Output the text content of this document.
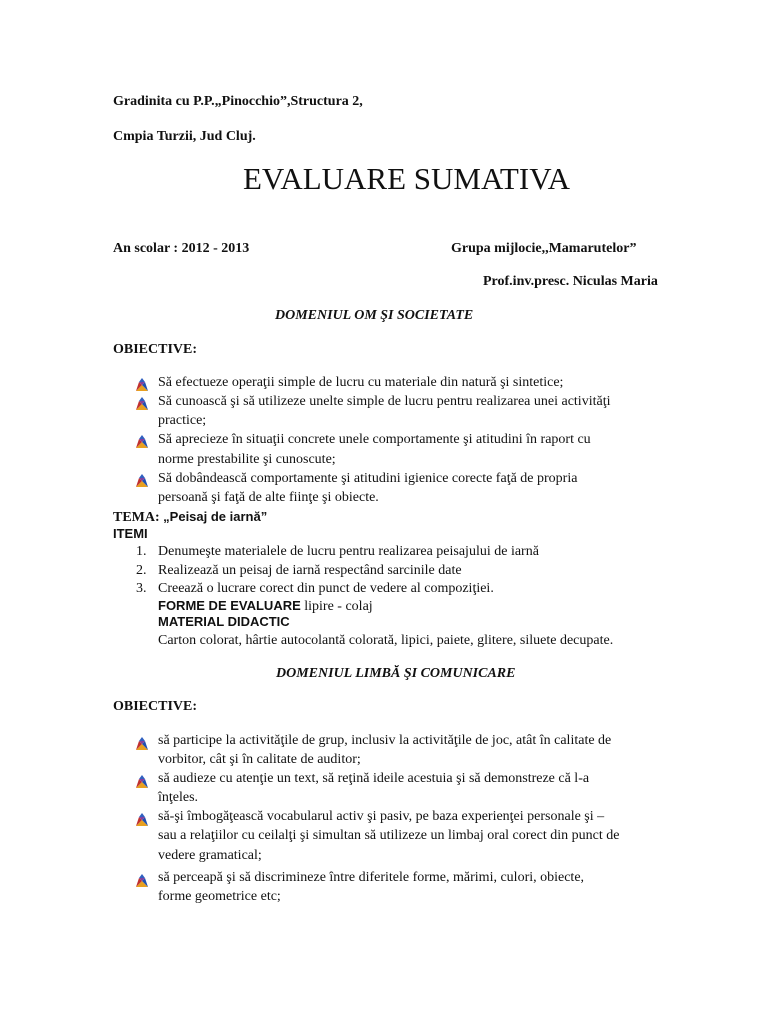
Gradinita cu P.P.„Pinocchio”,Structura 2,
Cmpia Turzii, Jud Cluj.
EVALUARE SUMATIVA
An scolar : 2012 - 2013	Grupa mijlocie,,Mamarutelor”
Prof.inv.presc. Niculas Maria
DOMENIUL OM ŞI SOCIETATE
OBIECTIVE:
Să efectueze operaţii simple de lucru cu materiale din natură şi sintetice;
Să cunoască şi să utilizeze unelte simple de lucru pentru realizarea unei activităţi
practice;
Să aprecieze în situaţii concrete unele comportamente şi atitudini în raport cu
norme prestabilite şi cunoscute;
Să dobândească comportamente şi atitudini igienice corecte faţă de propria
persoană şi faţă de alte fiinţe şi obiecte.
TEMA: „Peisaj de iarnă”
ITEMI
1. Denumeşte materialele de lucru pentru realizarea peisajului de iarnă
2. Realizează un peisaj de iarnă respectând sarcinile date
3. Creează o lucrare corect din punct de vedere al compoziţiei.
FORME DE EVALUARE lipire - colaj
MATERIAL DIDACTIC
Carton colorat, hârtie autocolantă colorată, lipici, paiete, glitere, siluete decupate.
DOMENIUL LIMBĂ ŞI COMUNICARE
OBIECTIVE:
să participe la activităţile de grup, inclusiv la activităţile de joc, atât în calitate de
vorbitor, cât şi în calitate de auditor;
să audieze cu atenţie un text, să reţină ideile acestuia şi să demonstreze că l-a
înţeles.
să-şi îmbogăţească vocabularul activ şi pasiv, pe baza experienţei personale şi –
sau a relaţiilor cu ceilalţi şi simultan să utilizeze un limbaj oral corect din punct de
vedere gramatical;
să perceapă şi să discrimineze între diferitele forme, mărimi, culori, obiecte,
forme geometrice etc;
